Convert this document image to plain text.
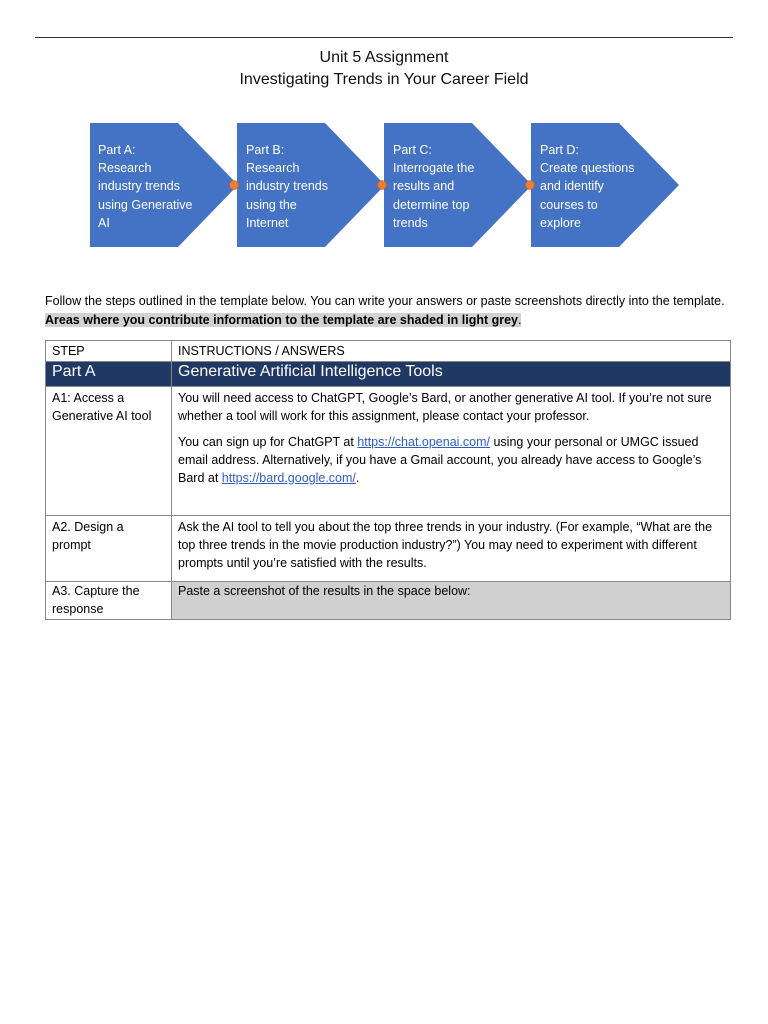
Unit 5 Assignment
Investigating Trends in Your Career Field
Part A:
Research
industry trends
using Generative
AI
Part B:
Research
industry trends
using the
Internet
Part C:
Interrogate the
results and
determine top
trends
Part D:
Create questions
and identify
courses to
explore
Follow the steps outlined in the template below. You can write your answers or paste screenshots directly into the template. Areas where you contribute information to the template are shaded in light grey.
STEP	INSTRUCTIONS / ANSWERS
Part A	Generative Artificial Intelligence Tools
A1: Access a Generative AI tool	You will need access to ChatGPT, Google’s Bard, or another generative AI tool. If you’re not sure whether a tool will work for this assignment, please contact your professor.

You can sign up for ChatGPT at https://chat.openai.com/ using your personal or UMGC issued email address. Alternatively, if you have a Gmail account, you already have access to Google’s Bard at https://bard.google.com/.

A2. Design a prompt	Ask the AI tool to tell you about the top three trends in your industry. (For example, “What are the top three trends in the movie production industry?”) You may need to experiment with different prompts until you’re satisfied with the results.
A3. Capture the response	Paste a screenshot of the results in the space below:
